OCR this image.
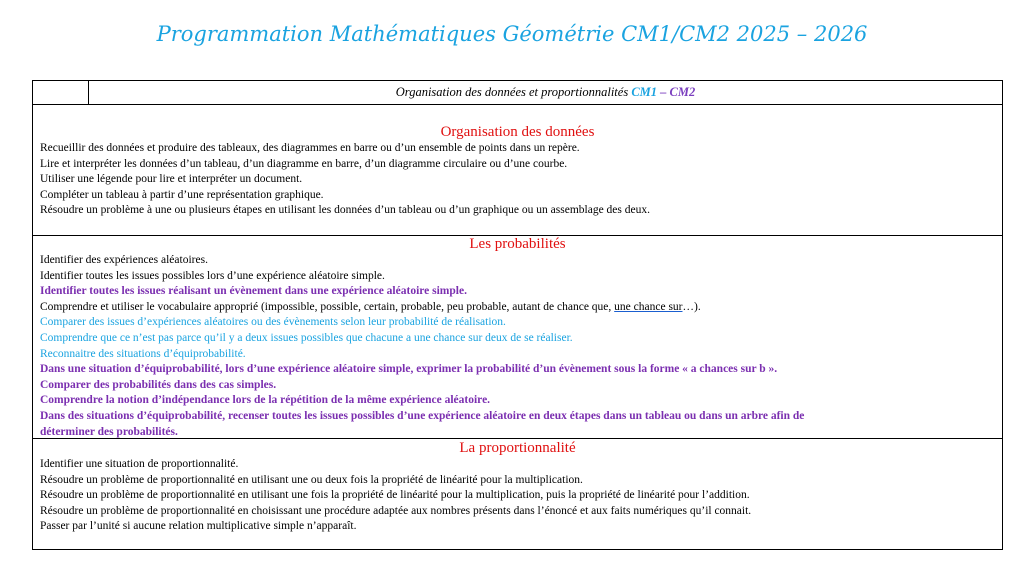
Programmation Mathématiques Géométrie CM1/CM2 2025 – 2026
Organisation des données et proportionnalités CM1 – CM2
Organisation des données
Recueillir des données et produire des tableaux, des diagrammes en barre ou d’un ensemble de points dans un repère.
Lire et interpréter les données d’un tableau, d’un diagramme en barre, d’un diagramme circulaire ou d’une courbe.
Utiliser une légende pour lire et interpréter un document.
Compléter un tableau à partir d’une représentation graphique.
Résoudre un problème à une ou plusieurs étapes en utilisant les données d’un tableau ou d’un graphique ou un assemblage des deux.
Les probabilités
Identifier des expériences aléatoires.
Identifier toutes les issues possibles lors d’une expérience aléatoire simple.
Identifier toutes les issues réalisant un évènement dans une expérience aléatoire simple.
Comprendre et utiliser le vocabulaire approprié (impossible, possible, certain, probable, peu probable, autant de chance que, une chance sur…).
Comparer des issues d’expériences aléatoires ou des évènements selon leur probabilité de réalisation.
Comprendre que ce n’est pas parce qu’il y a deux issues possibles que chacune a une chance sur deux de se réaliser.
Reconnaitre des situations d’équiprobabilité.
Dans une situation d’équiprobabilité, lors d’une expérience aléatoire simple, exprimer la probabilité d’un évènement sous la forme « a chances sur b ».
Comparer des probabilités dans des cas simples.
Comprendre la notion d’indépendance lors de la répétition de la même expérience aléatoire.
Dans des situations d’équiprobabilité, recenser toutes les issues possibles d’une expérience aléatoire en deux étapes dans un tableau ou dans un arbre afin de
déterminer des probabilités.
La proportionnalité
Identifier une situation de proportionnalité.
Résoudre un problème de proportionnalité en utilisant une ou deux fois la propriété de linéarité pour la multiplication.
Résoudre un problème de proportionnalité en utilisant une fois la propriété de linéarité pour la multiplication, puis la propriété de linéarité pour l’addition.
Résoudre un problème de proportionnalité en choisissant une procédure adaptée aux nombres présents dans l’énoncé et aux faits numériques qu’il connait.
Passer par l’unité si aucune relation multiplicative simple n’apparaît.
